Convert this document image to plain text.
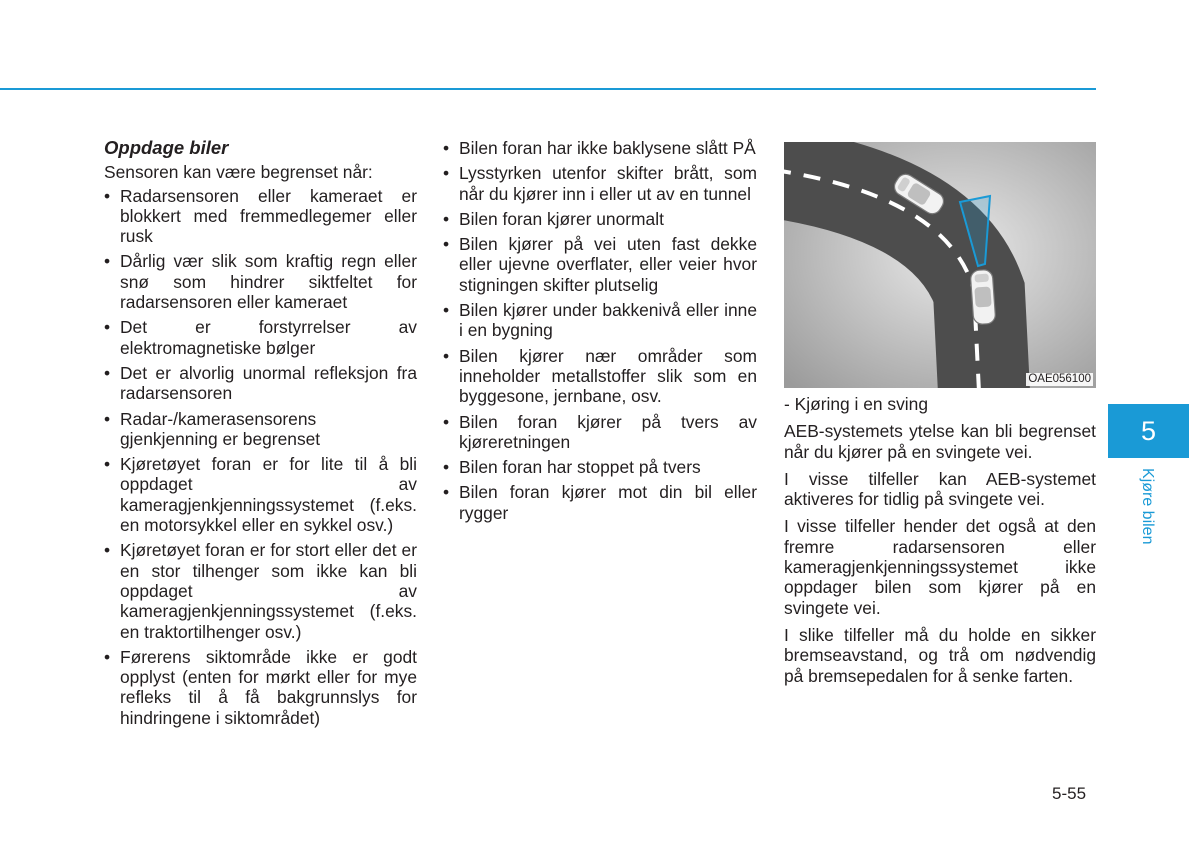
Oppdage biler
Sensoren kan være begrenset når:
• Radarsensoren eller kameraet er blokkert med fremmedlegemer eller rusk
• Dårlig vær slik som kraftig regn eller snø som hindrer siktfeltet for radarsensoren eller kameraet
• Det er forstyrrelser av elektromagnetiske bølger
• Det er alvorlig unormal refleksjon fra radarsensoren
• Radar-/kamerasensorens gjenkjenning er begrenset
• Kjøretøyet foran er for lite til å bli oppdaget av kameragjenkjenningssystemet (f.eks. en motorsykkel eller en sykkel osv.)
• Kjøretøyet foran er for stort eller det er en stor tilhenger som ikke kan bli oppdaget av kameragjenkjenningssystemet (f.eks. en traktortilhenger osv.)
• Førerens siktområde ikke er godt opplyst (enten for mørkt eller for mye refleks til å få bakgrunnslys for hindringene i siktområdet)
• Bilen foran har ikke baklysene slått PÅ
• Lysstyrken utenfor skifter brått, som når du kjører inn i eller ut av en tunnel
• Bilen foran kjører unormalt
• Bilen kjører på vei uten fast dekke eller ujevne overflater, eller veier hvor stigningen skifter plutselig
• Bilen kjører under bakkenivå eller inne i en bygning
• Bilen kjører nær områder som inneholder metallstoffer slik som en byggesone, jernbane, osv.
• Bilen foran kjører på tvers av kjøreretningen
• Bilen foran har stoppet på tvers
• Bilen foran kjører mot din bil eller rygger
OAE056100
- Kjøring i en sving

AEB-systemets ytelse kan bli begrenset når du kjører på en svingete vei.

I visse tilfeller kan AEB-systemet aktiveres for tidlig på svingete vei.

I visse tilfeller hender det også at den fremre radarsensoren eller kameragjenkjenningssystemet ikke oppdager bilen som kjører på en svingete vei.

I slike tilfeller må du holde en sikker bremseavstand, og trå om nødvendig på bremsepedalen for å senke farten.

5
Kjøre bilen
5-55
